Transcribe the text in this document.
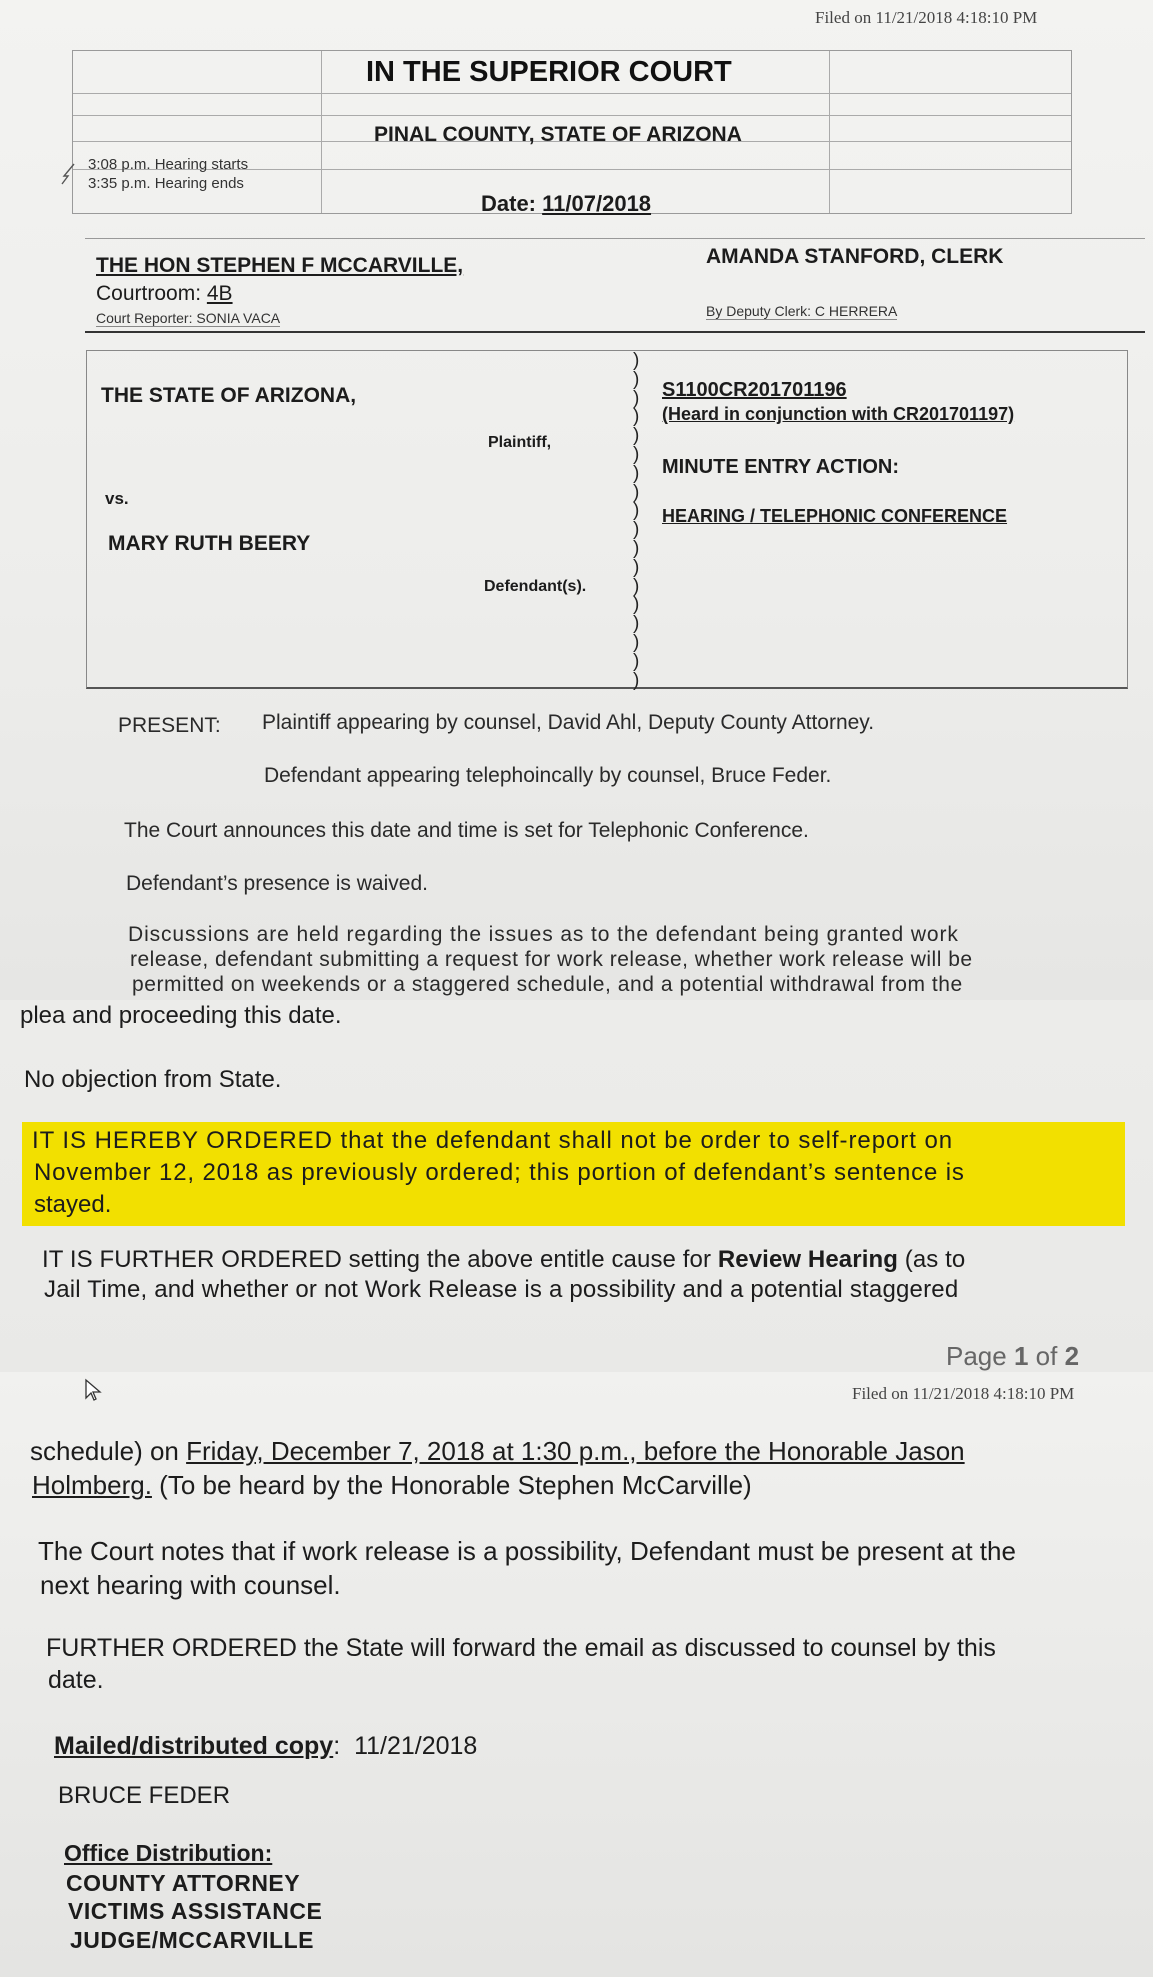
Filed on 11/21/2018 4:18:10 PM
IN THE SUPERIOR COURT
PINAL COUNTY, STATE OF ARIZONA
3:08 p.m. Hearing starts
3:35 p.m. Hearing ends
Date: 11/07/2018
THE HON STEPHEN F MCCARVILLE,	AMANDA STANFORD, CLERK
Courtroom: 4B
Court Reporter: SONIA VACA	By Deputy Clerk: C HERRERA
)
)
)
)
)
)
)
)
)
)
)
)
)
)
)
)
)
)
THE STATE OF ARIZONA,
Plaintiff,
vs.
MARY RUTH BEERY
Defendant(s).
S1100CR201701196
(Heard in conjunction with CR201701197)
MINUTE ENTRY ACTION:
HEARING / TELEPHONIC CONFERENCE
PRESENT: Plaintiff appearing by counsel, David Ahl, Deputy County Attorney.
Defendant appearing telephoincally by counsel, Bruce Feder.
The Court announces this date and time is set for Telephonic Conference.
Defendant’s presence is waived.
Discussions are held regarding the issues as to the defendant being granted work
release, defendant submitting a request for work release, whether work release will be
permitted on weekends or a staggered schedule, and a potential withdrawal from the
plea and proceeding this date.
No objection from State.
IT IS HEREBY ORDERED that the defendant shall not be order to self-report on
November 12, 2018 as previously ordered; this portion of defendant’s sentence is
stayed.
IT IS FURTHER ORDERED setting the above entitle cause for Review Hearing (as to
Jail Time, and whether or not Work Release is a possibility and a potential staggered
Page 1 of 2
Filed on 11/21/2018 4:18:10 PM
schedule) on Friday, December 7, 2018 at 1:30 p.m., before the Honorable Jason
Holmberg. (To be heard by the Honorable Stephen McCarville)
The Court notes that if work release is a possibility, Defendant must be present at the
next hearing with counsel.
FURTHER ORDERED the State will forward the email as discussed to counsel by this
date.
Mailed/distributed copy: 11/21/2018
BRUCE FEDER
Office Distribution:
COUNTY ATTORNEY
VICTIMS ASSISTANCE
JUDGE/MCCARVILLE
